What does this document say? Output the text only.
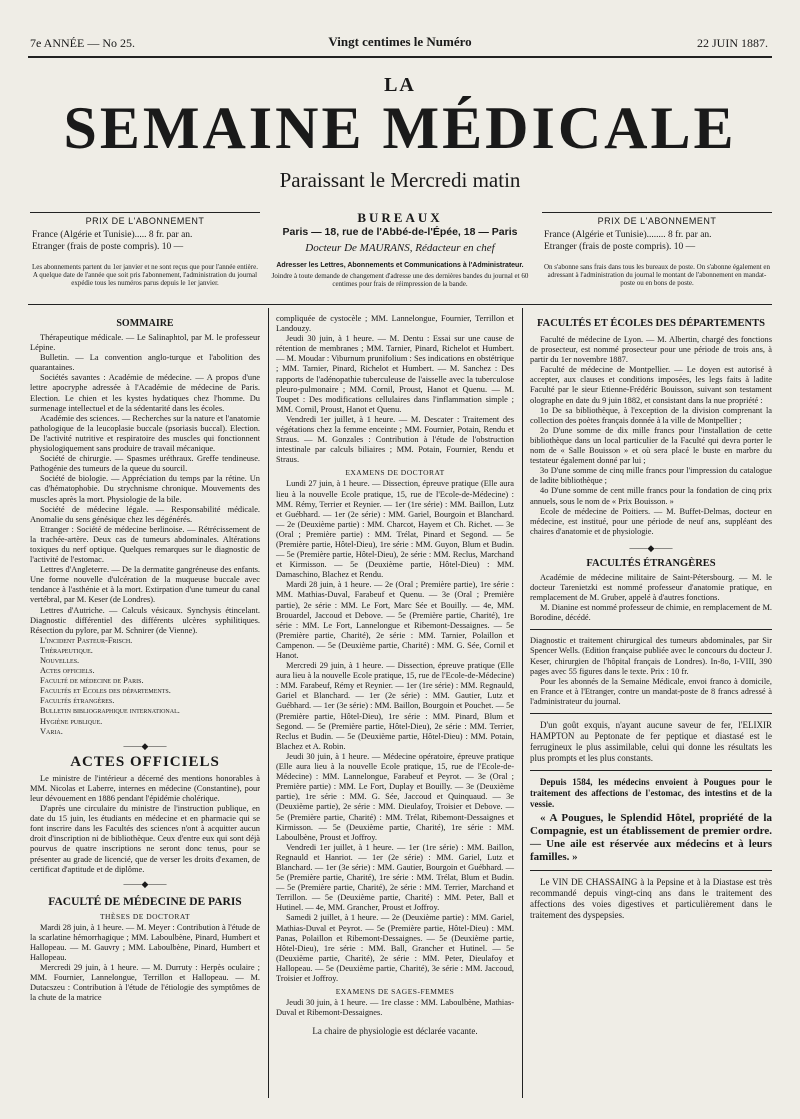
7e ANNÉE — No 25.	Vingt centimes le Numéro	22 JUIN 1887.
LA
SEMAINE MÉDICALE
Paraissant le Mercredi matin
PRIX DE L'ABONNEMENT
France (Algérie et Tunisie)..... 8 fr. par an.
Etranger (frais de poste compris). 10 —
Les abonnements partent du 1er janvier et ne sont reçus que pour l'année entière. A quelque date de l'année que soit pris l'abonnement, l'administration du journal expédie tous les numéros parus depuis le 1er janvier.
BUREAUX
Paris — 18, rue de l'Abbé-de-l'Épée, 18 — Paris
Docteur De MAURANS, Rédacteur en chef
Adresser les Lettres, Abonnements et Communications à l'Administrateur.
Joindre à toute demande de changement d'adresse une des dernières bandes du journal et 60 centimes pour frais de réimpression de la bande.
PRIX DE L'ABONNEMENT
France (Algérie et Tunisie)........ 8 fr. par an.
Etranger (frais de poste compris). 10 —
On s'abonne sans frais dans tous les bureaux de poste. On s'abonne également en adressant à l'administration du journal le montant de l'abonnement en mandat-poste ou en bons de poste.
SOMMAIRE

Thérapeutique médicale. — Le Salinaphtol, par M. le professeur Lépine.

Bulletin. — La convention anglo-turque et l'abolition des quarantaines.

Sociétés savantes : Académie de médecine. — A propos d'une lettre apocryphe adressée à l'Académie de médecine de Paris. Election. Le chien et les kystes hydatiques chez l'homme. Du surmenage intellectuel et de la sédentarité dans les écoles.

Académie des sciences. — Recherches sur la nature et l'anatomie pathologique de la leucoplasie buccale (psoriasis buccal). Election. De l'activité nutritive et respiratoire des muscles qui fonctionnent physiologiquement sans produire de travail mécanique.

Société de chirurgie. — Spasmes uréthraux. Greffe tendineuse. Pathogénie des tumeurs de la queue du sourcil.

Société de biologie. — Appréciation du temps par la rétine. Un cas d'hématophobie. Du strychnisme chronique. Mouvements des muscles après la mort. Physiologie de la bile.

Société de médecine légale. — Responsabilité médicale. Anomalie du sens génésique chez les dégénérés.

Etranger : Société de médecine berlinoise. — Rétrécissement de la trachée-artère. Deux cas de tumeurs abdominales. Altérations toxiques du nerf optique. Quelques remarques sur le diagnostic de l'activité de l'estomac.

Lettres d'Angleterre. — De la dermatite gangréneuse des enfants. Une forme nouvelle d'ulcération de la muqueuse buccale avec tendance à l'asthénie et à la mort. Extirpation d'une tumeur du canal vertébral, par M. Keser (de Londres).

Lettres d'Autriche. — Calculs vésicaux. Synchysis étincelant. Diagnostic différentiel des différents ulcères syphilitiques. Résection du pylore, par M. Schnirer (de Vienne).

L'incident Pasteur-Frisch.

Thérapeutique.

Nouvelles.

Actes officiels.

Faculté de médecine de Paris.

Facultés et Ecoles des départements.

Facultés étrangères.

Bulletin bibliographique international.

Hygiène publique.

Varia.

——◆——
ACTES OFFICIELS

Le ministre de l'intérieur a décerné des mentions honorables à MM. Nicolas et Laberre, internes en médecine (Constantine), pour leur dévouement en 1886 pendant l'épidémie cholérique.

D'après une circulaire du ministre de l'instruction publique, en date du 15 juin, les étudiants en médecine et en pharmacie qui se font inscrire dans les Facultés des sciences n'ont à acquitter aucun droit d'inscription ni de bibliothèque. Ceux d'entre eux qui sont déjà pourvus de quatre inscriptions ne seront donc tenus, pour se présenter au grade de licencié, que de verser les droits d'examen, de certificat d'aptitude et de diplôme.

——◆——
FACULTÉ DE MÉDECINE DE PARIS
THÈSES DE DOCTORAT

Mardi 28 juin, à 1 heure. — M. Meyer : Contribution à l'étude de la scarlatine hémorrhagique ; MM. Laboulbène, Pinard, Humbert et Hallopeau. — M. Gauvry ; MM. Laboulbène, Pinard, Humbert et Hallopeau.

Mercredi 29 juin, à 1 heure. — M. Durruty : Herpès oculaire ; MM. Fournier, Lannelongue, Terrillon et Hallopeau. — M. Dutacszeu : Contribution à l'étude de l'étiologie des symptômes de la chute de la matrice

compliquée de cystocèle ; MM. Lannelongue, Fournier, Terrillon et Landouzy.

Jeudi 30 juin, à 1 heure. — M. Dentu : Essai sur une cause de rétention de membranes ; MM. Tarnier, Pinard, Richelot et Humbert. — M. Moudar : Viburnum prunifolium : Ses indications en obstétrique ; MM. Tarnier, Pinard, Richelot et Humbert. — M. Sanchez : Des rapports de l'adénopathie tuberculeuse de l'aisselle avec la tuberculose pleuro-pulmonaire ; MM. Cornil, Proust, Hanot et Quenu. — M. Toupet : Des modifications cellulaires dans l'inflammation simple ; MM. Cornil, Proust, Hanot et Quenu.

Vendredi 1er juillet, à 1 heure. — M. Descater : Traitement des végétations chez la femme enceinte ; MM. Fournier, Potain, Rendu et Straus. — M. Gonzales : Contribution à l'étude de l'obstruction intestinale par calculs biliaires ; MM. Potain, Fournier, Rendu et Straus.

EXAMENS DE DOCTORAT

Lundi 27 juin, à 1 heure. — Dissection, épreuve pratique (Elle aura lieu à la nouvelle Ecole pratique, 15, rue de l'Ecole-de-Médecine) : MM. Rémy, Terrier et Reynier. — 1er (1re série) : MM. Baillon, Lutz et Guébhard. — 1er (2e série) : MM. Gariel, Bourgoin et Blanchard. — 2e (Deuxième partie) : MM. Charcot, Hayem et Ch. Richet. — 3e (Oral ; Première partie) : MM. Trélat, Pinard et Segond. — 5e (Première partie, Hôtel-Dieu), 1re série : MM. Guyon, Blum et Budin. — 5e (Première partie, Hôtel-Dieu), 2e série : MM. Reclus, Marchand et Kirmisson. — 5e (Deuxième partie, Hôtel-Dieu) : MM. Damaschino, Blachez et Rendu.

Mardi 28 juin, à 1 heure. — 2e (Oral ; Première partie), 1re série : MM. Mathias-Duval, Farabeuf et Quenu. — 3e (Oral ; Première partie), 2e série : MM. Le Fort, Marc Sée et Bouilly. — 4e, MM. Brouardel, Jaccoud et Debove. — 5e (Première partie, Charité), 1re série : MM. Le Fort, Lannelongue et Ribemont-Dessaignes. — 5e (Première partie, Charité), 2e série : MM. Tarnier, Polaillon et Campenon. — 5e (Deuxième partie, Charité) : MM. G. Sée, Cornil et Hanot.

Mercredi 29 juin, à 1 heure. — Dissection, épreuve pratique (Elle aura lieu à la nouvelle Ecole pratique, 15, rue de l'Ecole-de-Médecine) : MM. Farabeuf, Rémy et Reynier. — 1er (1re série) : MM. Regnauld, Gariel et Blanchard. — 1er (2e série) : MM. Gautier, Lutz et Guébhard. — 1er (3e série) : MM. Baillon, Bourgoin et Pouchet. — 5e (Première partie, Hôtel-Dieu), 1re série : MM. Pinard, Blum et Segond. — 5e (Première partie, Hôtel-Dieu), 2e série : MM. Terrier, Reclus et Budin. — 5e (Deuxième partie, Hôtel-Dieu) : MM. Potain, Blachez et A. Robin.

Jeudi 30 juin, à 1 heure. — Médecine opératoire, épreuve pratique (Elle aura lieu à la nouvelle Ecole pratique, 15, rue de l'Ecole-de-Médecine) : MM. Lannelongue, Farabeuf et Peyrot. — 3e (Oral ; Première partie) : MM. Le Fort, Duplay et Bouilly. — 3e (Deuxième partie), 1re série : MM. G. Sée, Jaccoud et Quinquaud. — 3e (Deuxième partie), 2e série : MM. Dieulafoy, Troisier et Debove. — 5e (Première partie, Charité) : MM. Trélat, Ribemont-Dessaignes et Kirmisson. — 5e (Deuxième partie, Charité), 1re série : MM. Laboulbène, Proust et Joffroy.

Vendredi 1er juillet, à 1 heure. — 1er (1re série) : MM. Baillon, Regnauld et Hanriot. — 1er (2e série) : MM. Gariel, Lutz et Blanchard. — 1er (3e série) : MM. Gautier, Bourgoin et Guébhard. — 5e (Première partie, Charité), 1re série : MM. Trélat, Blum et Budin. — 5e (Première partie, Charité), 2e série : MM. Terrier, Marchand et Terrillon. — 5e (Deuxième partie, Charité) : MM. Peter, Ball et Hutinel. — 4e, MM. Grancher, Proust et Joffroy.

Samedi 2 juillet, à 1 heure. — 2e (Deuxième partie) : MM. Gariel, Mathias-Duval et Peyrot. — 5e (Première partie, Hôtel-Dieu) : MM. Panas, Polaillon et Ribemont-Dessaignes. — 5e (Deuxième partie, Hôtel-Dieu), 1re série : MM. Ball, Grancher et Hutinel. — 5e (Deuxième partie, Charité), 2e série : MM. Peter, Dieulafoy et Hallopeau. — 5e (Deuxième partie, Charité), 3e série : MM. Jaccoud, Troisier et Joffroy.

EXAMENS DE SAGES-FEMMES

Jeudi 30 juin, à 1 heure. — 1re classe : MM. Laboulbène, Mathias-Duval et Ribemont-Dessaignes.

La chaire de physiologie est déclarée vacante.
FACULTÉS ET ÉCOLES DES DÉPARTEMENTS

Faculté de médecine de Lyon. — M. Albertin, chargé des fonctions de prosecteur, est nommé prosecteur pour une période de trois ans, à partir du 1er novembre 1887.

Faculté de médecine de Montpellier. — Le doyen est autorisé à accepter, aux clauses et conditions imposées, les legs faits à ladite Faculté par le sieur Etienne-Frédéric Bouisson, suivant son testament olographe en date du 9 juin 1882, et consistant dans la nue propriété :

1o De sa bibliothèque, à l'exception de la division comprenant la collection des poètes français donnée à la ville de Montpellier ;

2o D'une somme de dix mille francs pour l'installation de cette bibliothèque dans un local particulier de la Faculté qui devra porter le nom de « Salle Bouisson » et où sera placé le buste en marbre du testateur également donné par lui ;

3o D'une somme de cinq mille francs pour l'impression du catalogue de ladite bibliothèque ;

4o D'une somme de cent mille francs pour la fondation de cinq prix annuels, sous le nom de « Prix Bouisson. »

Ecole de médecine de Poitiers. — M. Buffet-Delmas, docteur en médecine, est institué, pour une période de neuf ans, suppléant des chaires d'anatomie et de physiologie.

——◆——
FACULTÉS ÉTRANGÈRES

Académie de médecine militaire de Saint-Pétersbourg. — M. le docteur Tarenietzki est nommé professeur d'anatomie pratique, en remplacement de M. Gruber, appelé à d'autres fonctions.

M. Dianine est nommé professeur de chimie, en remplacement de M. Borodine, décédé.

Diagnostic et traitement chirurgical des tumeurs abdominales, par Sir Spencer Wells. (Edition française publiée avec le concours du docteur J. Keser, chirurgien de l'hôpital français de Londres). In-8o, I-VIII, 390 pages avec 55 figures dans le texte. Prix : 10 fr.

Pour les abonnés de la Semaine Médicale, envoi franco à domicile, en France et à l'Etranger, contre un mandat-poste de 8 francs adressé à l'administrateur du journal.

D'un goût exquis, n'ayant aucune saveur de fer, l'ELIXIR HAMPTON au Peptonate de fer peptique et diastasé est le ferrugineux le plus assimilable, celui qui donne les résultats les plus prompts et les plus constants.

Depuis 1584, les médecins envoient à Pougues pour le traitement des affections de l'estomac, des intestins et de la vessie.

« A Pougues, le Splendid Hôtel, propriété de la Compagnie, est un établissement de premier ordre. — Une aile est réservée aux médecins et à leurs familles. »

Le VIN DE CHASSAING à la Pepsine et à la Diastase est très recommandé depuis vingt-cinq ans dans le traitement des affections des voies digestives et particulièrement dans le traitement des dyspepsies.
